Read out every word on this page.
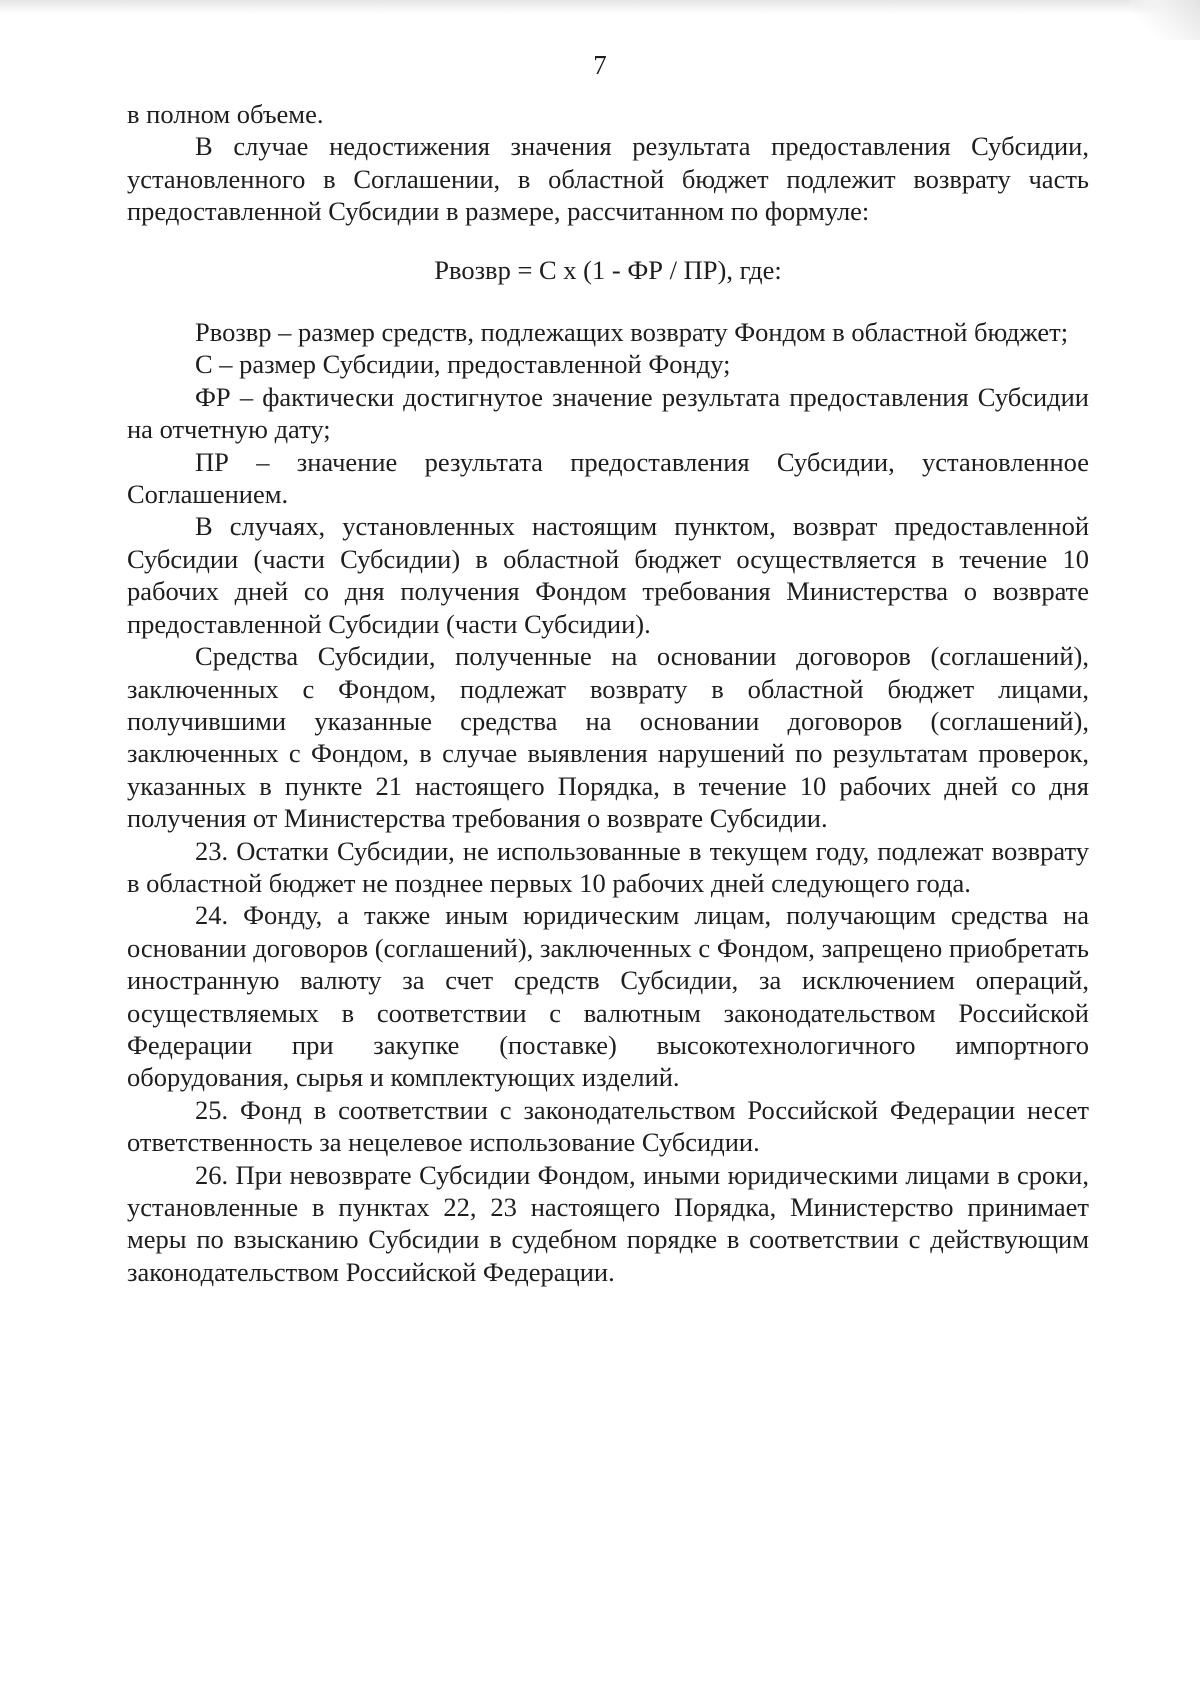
7

в полном объеме.

В случае недостижения значения результата предоставления Субсидии, установленного в Соглашении, в областной бюджет подлежит возврату часть предоставленной Субсидии в размере, рассчитанном по формуле:

Рвозвр = С х (1 - ФР / ПР), где:

Рвозвр – размер средств, подлежащих возврату Фондом в областной бюджет;

С – размер Субсидии, предоставленной Фонду;

ФР – фактически достигнутое значение результата предоставления Субсидии на отчетную дату;

ПР – значение результата предоставления Субсидии, установленное Соглашением.

В случаях, установленных настоящим пунктом, возврат предоставленной Субсидии (части Субсидии) в областной бюджет осуществляется в течение 10 рабочих дней со дня получения Фондом требования Министерства о возврате предоставленной Субсидии (части Субсидии).

Средства Субсидии, полученные на основании договоров (соглашений), заключенных с Фондом, подлежат возврату в областной бюджет лицами, получившими указанные средства на основании договоров (соглашений), заключенных с Фондом, в случае выявления нарушений по результатам проверок, указанных в пункте 21 настоящего Порядка, в течение 10 рабочих дней со дня получения от Министерства требования о возврате Субсидии.

23. Остатки Субсидии, не использованные в текущем году, подлежат возврату в областной бюджет не позднее первых 10 рабочих дней следующего года.

24. Фонду, а также иным юридическим лицам, получающим средства на основании договоров (соглашений), заключенных с Фондом, запрещено приобретать иностранную валюту за счет средств Субсидии, за исключением операций, осуществляемых в соответствии с валютным законодательством Российской Федерации при закупке (поставке) высокотехнологичного импортного оборудования, сырья и комплектующих изделий.

25. Фонд в соответствии с законодательством Российской Федерации несет ответственность за нецелевое использование Субсидии.

26. При невозврате Субсидии Фондом, иными юридическими лицами в сроки, установленные в пунктах 22, 23 настоящего Порядка, Министерство принимает меры по взысканию Субсидии в судебном порядке в соответствии с действующим законодательством Российской Федерации.
